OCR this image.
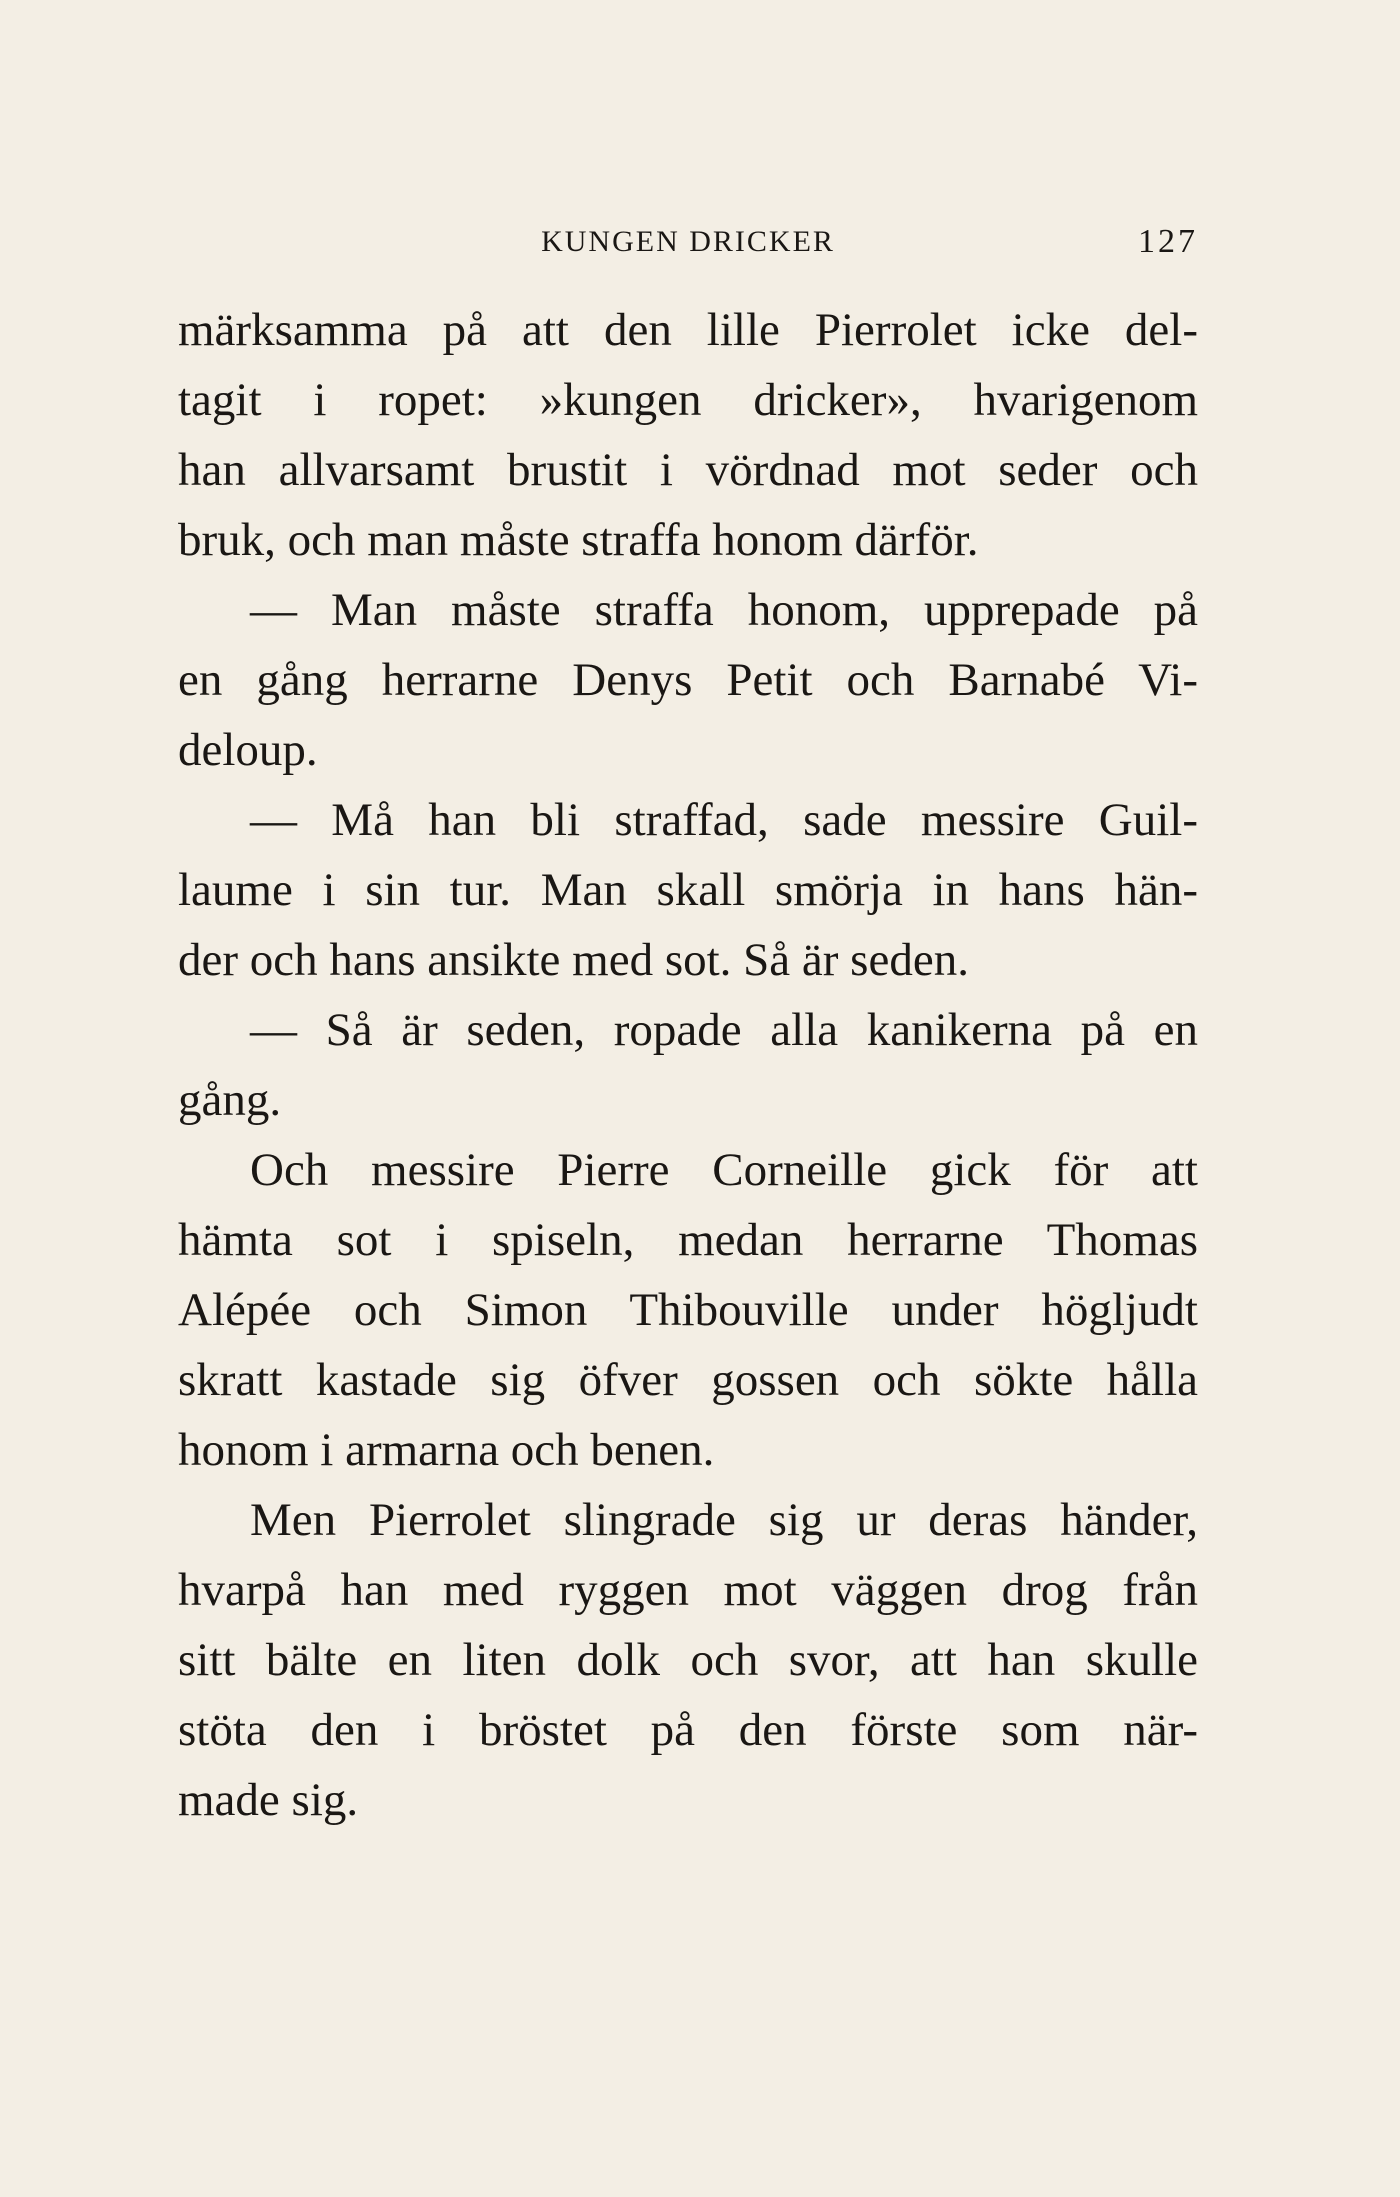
KUNGEN DRICKER	127
märksamma på att den lille Pierrolet icke del-
tagit i ropet: »kungen dricker», hvarigenom
han allvarsamt brustit i vördnad mot seder och
bruk, och man måste straffa honom därför.
— Man måste straffa honom, upprepade på
en gång herrarne Denys Petit och Barnabé Vi-
deloup.
— Må han bli straffad, sade messire Guil-
laume i sin tur. Man skall smörja in hans hän-
der och hans ansikte med sot. Så är seden.
— Så är seden, ropade alla kanikerna på en
gång.
Och messire Pierre Corneille gick för att
hämta sot i spiseln, medan herrarne Thomas
Alépée och Simon Thibouville under högljudt
skratt kastade sig öfver gossen och sökte hålla
honom i armarna och benen.
Men Pierrolet slingrade sig ur deras händer,
hvarpå han med ryggen mot väggen drog från
sitt bälte en liten dolk och svor, att han skulle
stöta den i bröstet på den förste som när-
made sig.
